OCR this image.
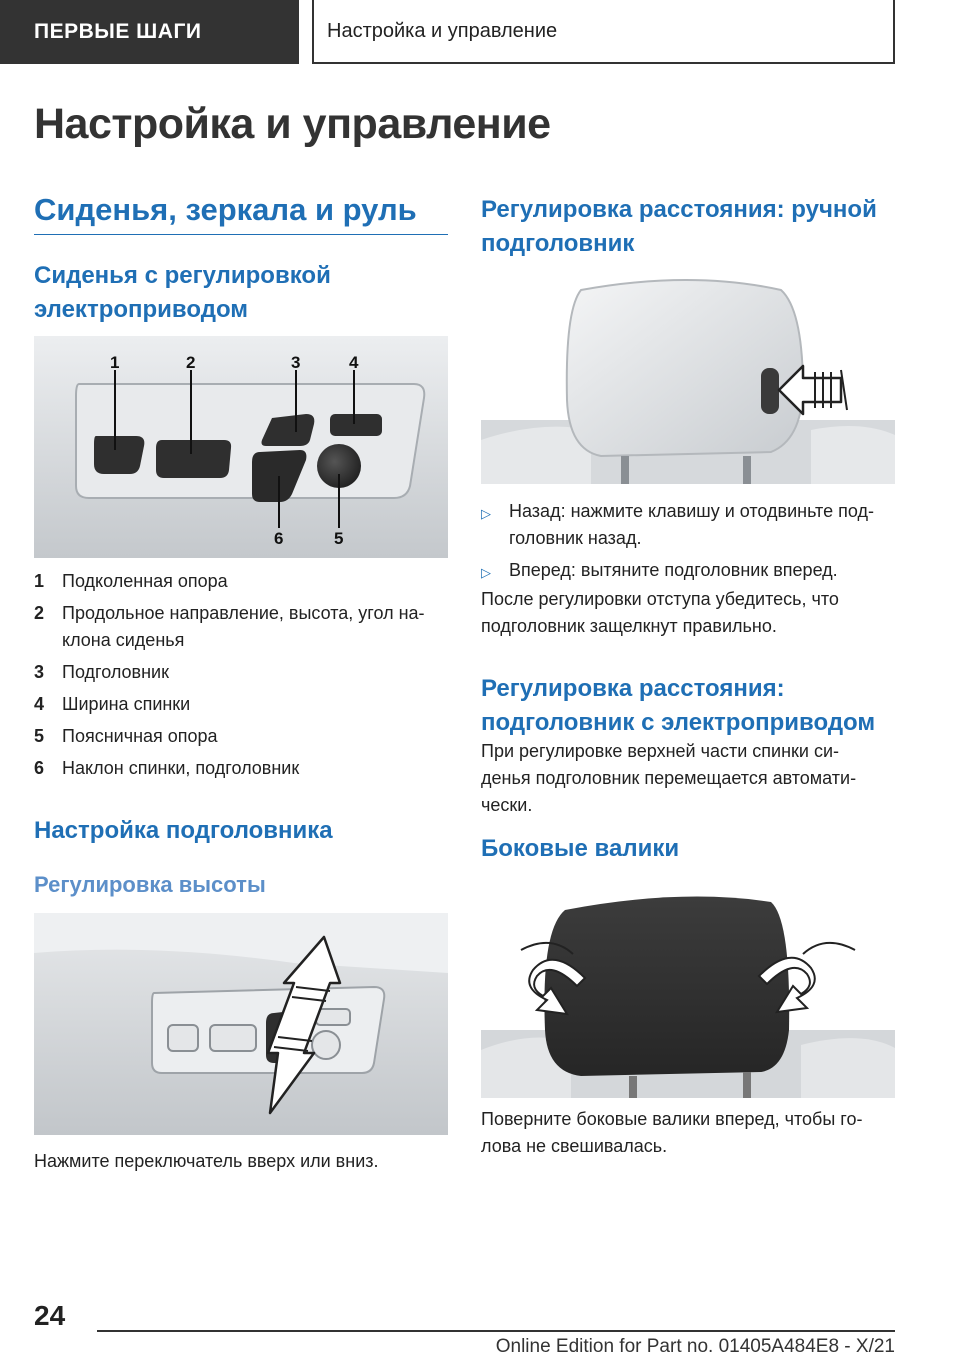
ПЕРВЫЕ ШАГИ	Настройка и управление
Настройка и управление
Сиденья, зеркала и руль
Сиденья с регулировкой
электроприводом
1	2	3	4
5
6
1 Подколенная опора
2 Продольное направление, высота, угол на-
клона сиденья
3 Подголовник
4 Ширина спинки
5 Поясничная опора
6 Наклон спинки, подголовник
Настройка подголовника
Регулировка высоты
Нажмите переключатель вверх или вниз.
Регулировка расстояния: ручной
подголовник
▷	Назад: нажмите клавишу и отодвиньте под-
головник назад.
▷	Вперед: вытяните подголовник вперед.
После регулировки отступа убедитесь, что
подголовник защелкнут правильно.
Регулировка расстояния:
подголовник с электроприводом
При регулировке верхней части спинки си-
денья подголовник перемещается автомати-
чески.
Боковые валики
Поверните боковые валики вперед, чтобы го-
лова не свешивалась.
24
Online Edition for Part no. 01405A484E8 - X/21
